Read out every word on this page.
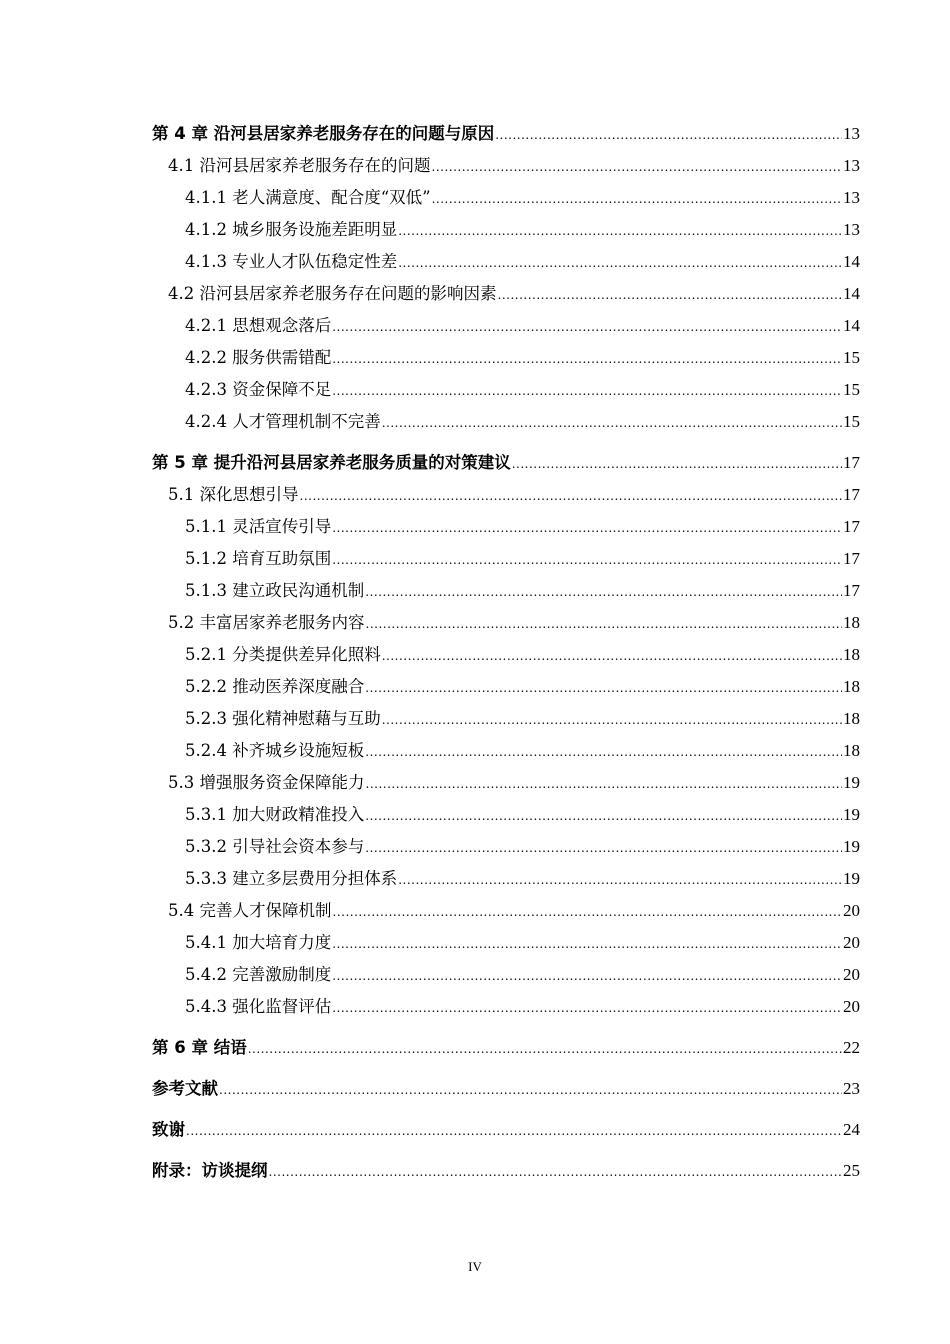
第 4 章 沿河县居家养老服务存在的问题与原因 .....	13
4.1 沿河县居家养老服务存在的问题 .....	13
4.1.1 老人满意度、配合度“双低” .....	13
4.1.2 城乡服务设施差距明显 .....	13
4.1.3 专业人才队伍稳定性差 .....	14
4.2 沿河县居家养老服务存在问题的影响因素 .....	14
4.2.1 思想观念落后 .....	14
4.2.2 服务供需错配 .....	15
4.2.3 资金保障不足 .....	15
4.2.4 人才管理机制不完善 .....	15
第 5 章 提升沿河县居家养老服务质量的对策建议 .....	17
5.1 深化思想引导 .....	17
5.1.1 灵活宣传引导 .....	17
5.1.2 培育互助氛围 .....	17
5.1.3 建立政民沟通机制 .....	17
5.2 丰富居家养老服务内容 .....	18
5.2.1 分类提供差异化照料 .....	18
5.2.2 推动医养深度融合 .....	18
5.2.3 强化精神慰藉与互助 .....	18
5.2.4 补齐城乡设施短板 .....	18
5.3 增强服务资金保障能力 .....	19
5.3.1 加大财政精准投入 .....	19
5.3.2 引导社会资本参与 .....	19
5.3.3 建立多层费用分担体系 .....	19
5.4 完善人才保障机制 .....	20
5.4.1 加大培育力度 .....	20
5.4.2 完善激励制度 .....	20
5.4.3 强化监督评估 .....	20
第 6 章 结语 .....	22
参考文献 .....	23
致谢 .....	24
附录：访谈提纲 .....	25
IV
